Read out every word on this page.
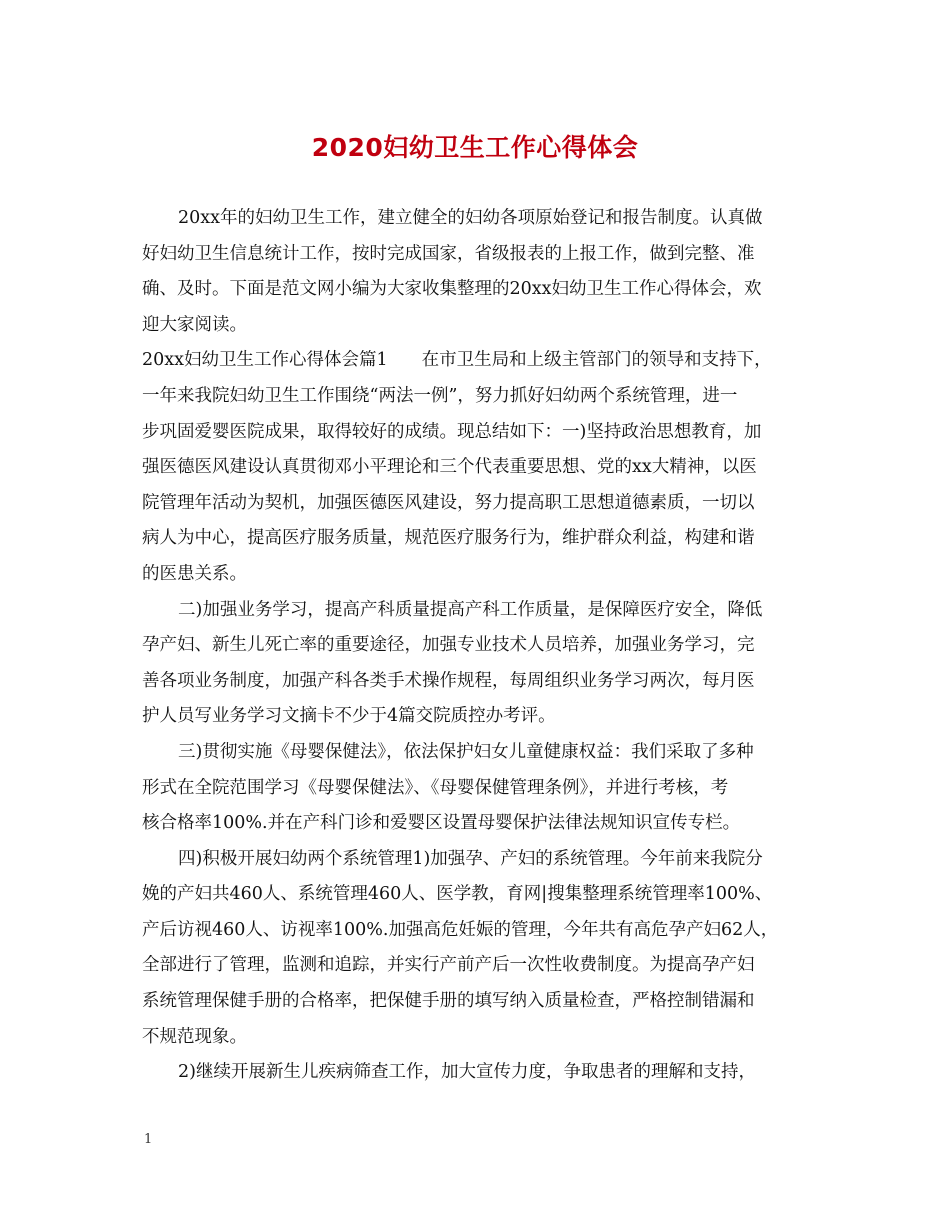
2020妇幼卫生工作心得体会
20xx年的妇幼卫生工作，建立健全的妇幼各项原始登记和报告制度。认真做
好妇幼卫生信息统计工作，按时完成国家，省级报表的上报工作，做到完整、准
确、及时。下面是范文网小编为大家收集整理的20xx妇幼卫生工作心得体会，欢
迎大家阅读。
20xx妇幼卫生工作心得体会篇1 在市卫生局和上级主管部门的领导和支持下，
一年来我院妇幼卫生工作围绕“两法一例”，努力抓好妇幼两个系统管理，进一
步巩固爱婴医院成果，取得较好的成绩。现总结如下：一)坚持政治思想教育，加
强医德医风建设认真贯彻邓小平理论和三个代表重要思想、党的xx大精神，以医
院管理年活动为契机，加强医德医风建设，努力提高职工思想道德素质，一切以
病人为中心，提高医疗服务质量，规范医疗服务行为，维护群众利益，构建和谐
的医患关系。
二)加强业务学习，提高产科质量提高产科工作质量，是保障医疗安全，降低
孕产妇、新生儿死亡率的重要途径，加强专业技术人员培养，加强业务学习，完
善各项业务制度，加强产科各类手术操作规程，每周组织业务学习两次，每月医
护人员写业务学习文摘卡不少于4篇交院质控办考评。
三)贯彻实施《母婴保健法》，依法保护妇女儿童健康权益：我们采取了多种
形式在全院范围学习《母婴保健法》、《母婴保健管理条例》，并进行考核，考
核合格率100%.并在产科门诊和爱婴区设置母婴保护法律法规知识宣传专栏。
四)积极开展妇幼两个系统管理1)加强孕、产妇的系统管理。今年前来我院分
娩的产妇共460人、系统管理460人、医学教，育网|搜集整理系统管理率100%、
产后访视460人、访视率100%.加强高危妊娠的管理，今年共有高危孕产妇62人，
全部进行了管理，监测和追踪，并实行产前产后一次性收费制度。为提高孕产妇
系统管理保健手册的合格率，把保健手册的填写纳入质量检查，严格控制错漏和
不规范现象。
2)继续开展新生儿疾病筛查工作，加大宣传力度，争取患者的理解和支持，
1
